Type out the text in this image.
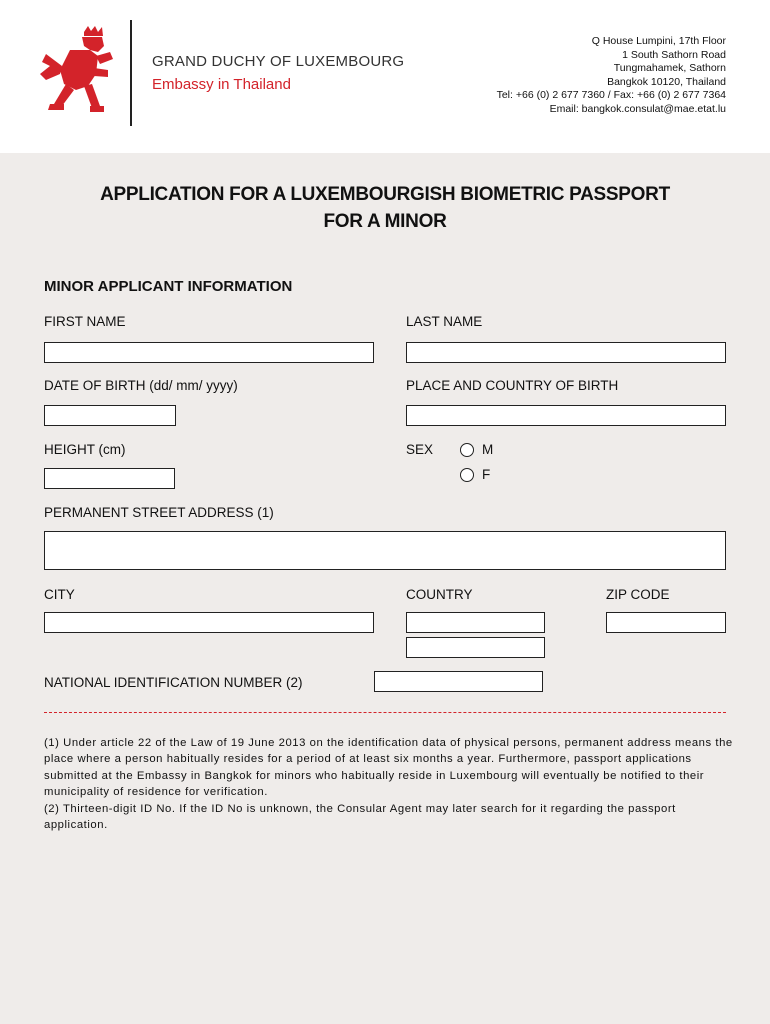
GRAND DUCHY OF LUXEMBOURG
Embassy in Thailand
Q House Lumpini, 17th Floor
1 South Sathorn Road
Tungmahamek, Sathorn
Bangkok 10120, Thailand
Tel: +66 (0) 2 677 7360 / Fax: +66 (0) 2 677 7364
Email: bangkok.consulat@mae.etat.lu
APPLICATION FOR A LUXEMBOURGISH BIOMETRIC PASSPORT
FOR A MINOR
MINOR APPLICANT INFORMATION
FIRST NAME	LAST NAME
DATE OF BIRTH (dd/ mm/ yyyy)	PLACE AND COUNTRY OF BIRTH
HEIGHT (cm)	SEX	M
F
PERMANENT STREET ADDRESS (1)
CITY	COUNTRY	ZIP CODE
NATIONAL IDENTIFICATION NUMBER (2)

(1) Under article 22 of the Law of 19 June 2013 on the identification data of physical persons, permanent address means the place where a person habitually resides for a period of at least six months a year. Furthermore, passport applications submitted at the Embassy in Bangkok for minors who habitually reside in Luxembourg will eventually be notified to their municipality of residence for verification.

(2) Thirteen-digit ID No. If the ID No is unknown, the Consular Agent may later search for it regarding the passport application.
